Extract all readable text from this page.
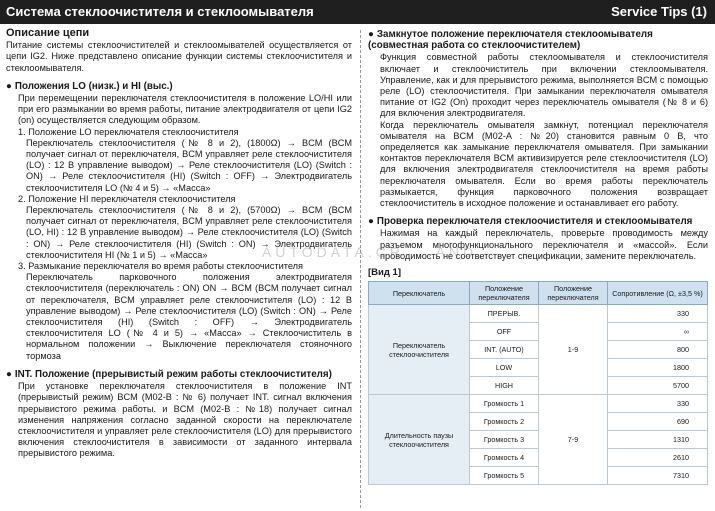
Система стеклоочистителя и стеклоомывателя	Service Tips (1)
Описание цепи

Питание системы стеклоочистителей и стеклоомывателей осуществляется от цепи IG2. Ниже представлено описание функции системы стеклоочистителя и стеклоомывателя.

● Положения LO (низк.) и HI (выс.)

При перемещении переключателя стеклоочистителя в положение LO/HI или при его размыкании во время работы, питание электродвигателя от цепи IG2 (on) осуществляется следующим образом.

1. Положение LO переключателя стеклоочистителя

Переключатель стеклоочистителя (№ 8 и 2), (1800Ω) → BCM (BCM получает сигнал от переключателя, BCM управляет реле стеклоочистителя (LO) : 12 В управление выводом) → Реле стеклоочистителя (LO) (Switch : ON) → Реле стеклоочистителя (HI) (Switch : OFF) → Электродвигатель стеклоочистителя LO (№ 4 и 5) → «Масса»

2. Положение HI переключателя стеклоочистителя

Переключатель стеклоочистителя (№ 8 и 2), (5700Ω) → BCM (BCM получает сигнал от переключателя, BCM управляет реле стеклоочистителя (LO, HI) : 12 В управление выводом) → Реле стеклоочистителя (LO) (Switch : ON) → Реле стеклоочистителя (HI) (Switch : ON) → Электродвигатель стеклоочистителя HI (№ 1 и 5) → «Масса»

3. Размыкание переключателя во время работы стеклоочистителя

Переключатель парковочного положения электродвигателя стеклоочистителя (переключатель : ON) ON → BCM (BCM получает сигнал от переключателя, BCM управляет реле стеклоочистителя (LO) : 12 В управление выводом) → Реле стеклоочистителя (LO) (Switch : ON) → Реле стеклоочистителя (HI) (Switch : OFF) → Электродвигатель стеклоочистителя LO (№ 4 и 5) → «Масса» → Стеклоочиститель в нормальном положении → Выключение переключателя стояночного тормоза

● INT. Положение (прерывистый режим работы стеклоочистителя)

При установке переключателя стеклоочистителя в положение INT (прерывистый режим) BCM (M02-B : № 6) получает INT. сигнал включения прерывистого режима работы. и BCM (M02-B : №18) получает сигнал изменения напряжения согласно заданной скорости на переключателе стеклоочистителя и управляет реле стеклоочистителя (LO) для прерывистого включения стеклоочистителя в зависимости от заданного интервала прерывистого режима.

● Замкнутое положение переключателя стеклоомывателя (совместная работа со стеклоочистителем)

Функция совместной работы стеклоомывателя и стеклоочистителя включает и стеклоочиститель при включении стеклоомывателя. Управление, как и для прерывистого режима, выполняется BCM с помощью реле (LO) стеклоочистителя. При замыкании переключателя омывателя питание от IG2 (On) проходит через переключатель омывателя (№ 8 и 6) для включения электродвигателя.

Когда переключатель омывателя замкнут, потенциал переключателя омывателя на BCM (M02-A : №20) становится равным 0 В, что определяется как замыкание переключателя омывателя. При замыкании контактов переключателя BCM активизируется реле стеклоочистителя (LO) для включения электродвигателя стеклоочистителя на время работы переключателя омывателя. Если во время работы переключатель размыкается, функция парковочного положения возвращает стеклоочиститель в исходное положение и останавливает его работу.

● Проверка переключателя стеклоочистителя и стеклоомывателя

Нажимая на каждый переключатель, проверьте проводимость между разъемом многофункционального переключателя и «массой». Если проводимость не соответствует спецификации, замените переключатель.

[Вид 1]
Переключатель	Положение переключателя	Положение переключателя	Сопротивление (Ω, ±3,5 %)
Переключатель стеклоочистителя	ПРЕРЫВ.	1-9	330
	OFF		∞
	INT. (AUTO)		800
	LOW		1800
	HIGH		5700
Длительность паузы стеклоочистителя	Громкость 1	7-9	330
	Громкость 2		690
	Громкость 3		1310
	Громкость 4		2610
	Громкость 5		7310
AUTODATA.CR....AND
